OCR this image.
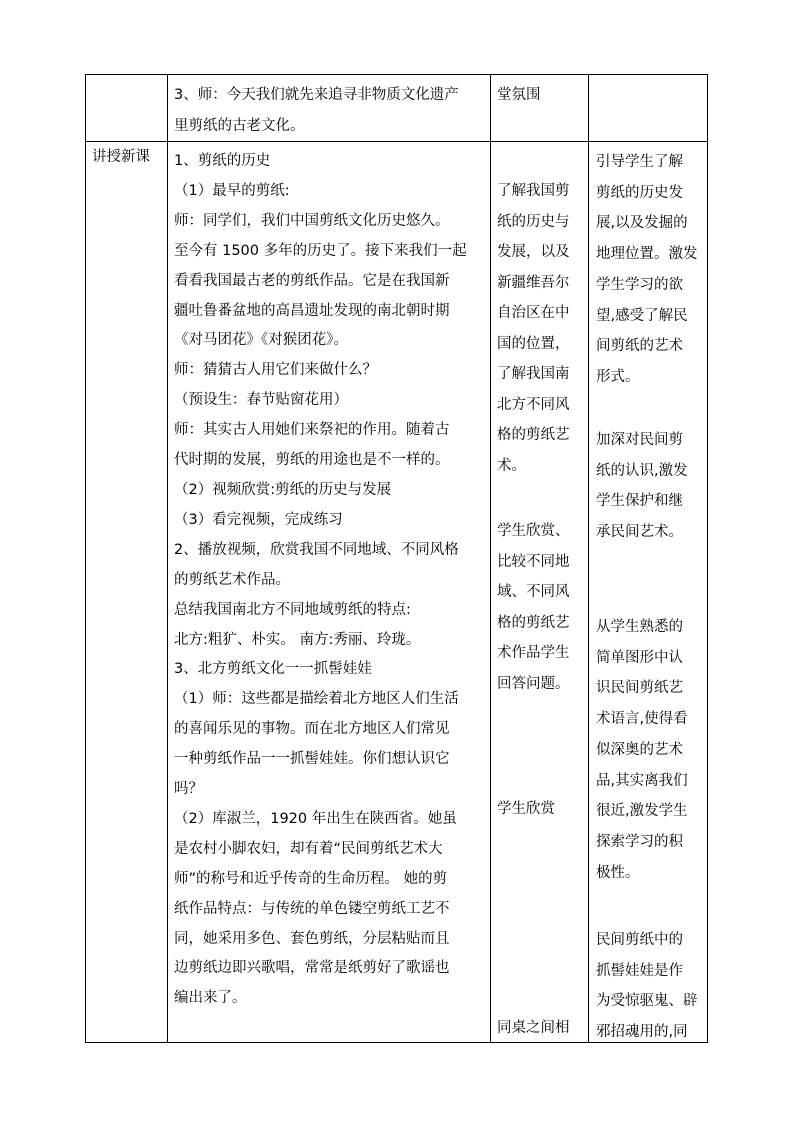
3、师：今天我们就先来追寻非物质文化遗产
里剪纸的古老文化。
堂氛围
讲授新课 1、剪纸的历史
（1）最早的剪纸:
师：同学们，我们中国剪纸文化历史悠久。
至今有 1500 多年的历史了。接下来我们一起
看看我国最古老的剪纸作品。它是在我国新
疆吐鲁番盆地的高昌遗址发现的南北朝时期
《对马团花》《对猴团花》。
师：猜猜古人用它们来做什么？
（预设生：春节贴窗花用）
师：其实古人用她们来祭祀的作用。随着古
代时期的发展，剪纸的用途也是不一样的。
（2）视频欣赏:剪纸的历史与发展
（3）看完视频，完成练习
2、播放视频，欣赏我国不同地域、不同风格
的剪纸艺术作品。
总结我国南北方不同地域剪纸的特点:
北方:粗犷、朴实。 南方:秀丽、玲珑。
3、北方剪纸文化一一抓髻娃娃
（1）师：这些都是描绘着北方地区人们生活
的喜闻乐见的事物。而在北方地区人们常见
一种剪纸作品一一抓髻娃娃。你们想认识它
吗？
（2）库淑兰，1920 年出生在陕西省。她虽
是农村小脚农妇，却有着“民间剪纸艺术大
师”的称号和近乎传奇的生命历程。 她的剪
纸作品特点：与传统的单色镂空剪纸工艺不
同，她采用多色、套色剪纸，分层粘贴而且
边剪纸边即兴歌唱，常常是纸剪好了歌谣也
编出来了。
了解我国剪
纸的历史与
发展，以及
新疆维吾尔
自治区在中
国的位置，
了解我国南
北方不同风
格的剪纸艺
术。
学生欣赏、
比较不同地
域、不同风
格的剪纸艺
术作品学生
回答问题。
学生欣赏
同桌之间相
引导学生了解
剪纸的历史发
展,以及发掘的
地理位置。激发
学生学习的欲
望,感受了解民
间剪纸的艺术
形式。
加深对民间剪
纸的认识,激发
学生保护和继
承民间艺术。
从学生熟悉的
简单图形中认
识民间剪纸艺
术语言,使得看
似深奥的艺术
品,其实离我们
很近,激发学生
探索学习的积
极性。
民间剪纸中的
抓髻娃娃是作
为受惊驱鬼、辟
邪招魂用的,同
